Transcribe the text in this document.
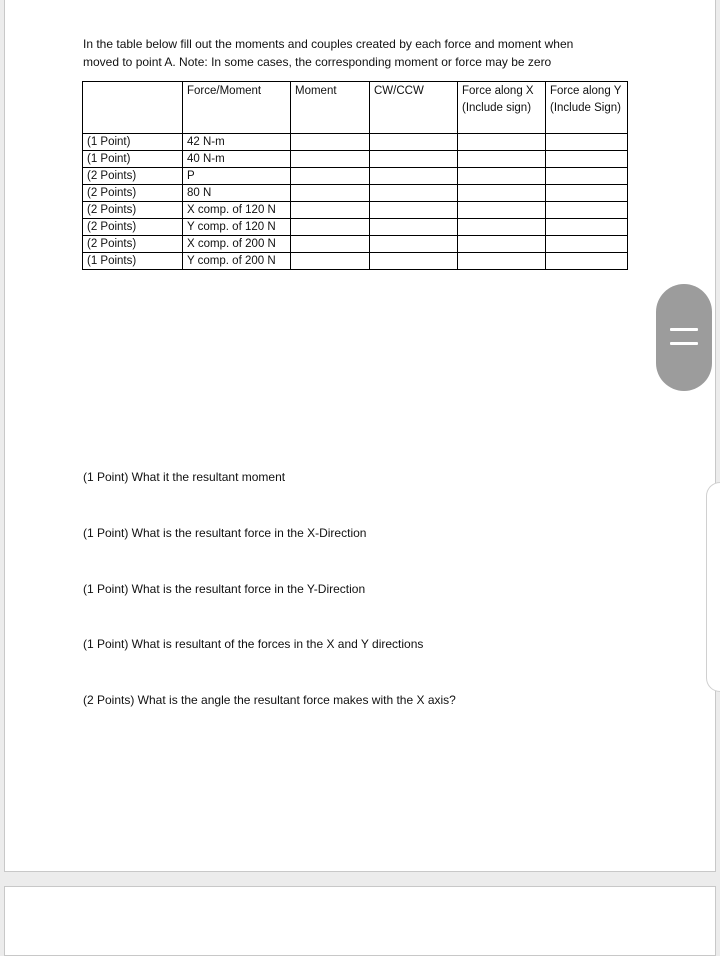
In the table below fill out the moments and couples created by each force and moment when
moved to point A. Note: In some cases, the corresponding moment or force may be zero
	Force/Moment	Moment	CW/CCW	Force along X (Include sign)	Force along Y (Include Sign)
(1 Point)	42 N-m				
(1 Point)	40 N-m				
(2 Points)	P				
(2 Points)	80 N				
(2 Points)	X comp. of 120 N				
(2 Points)	Y comp. of 120 N				
(2 Points)	X comp. of 200 N				
(1 Points)	Y comp. of 200 N				
(1 Point) What it the resultant moment
(1 Point) What is the resultant force in the X-Direction
(1 Point) What is the resultant force in the Y-Direction
(1 Point) What is resultant of the forces in the X and Y directions
(2 Points) What is the angle the resultant force makes with the X axis?
